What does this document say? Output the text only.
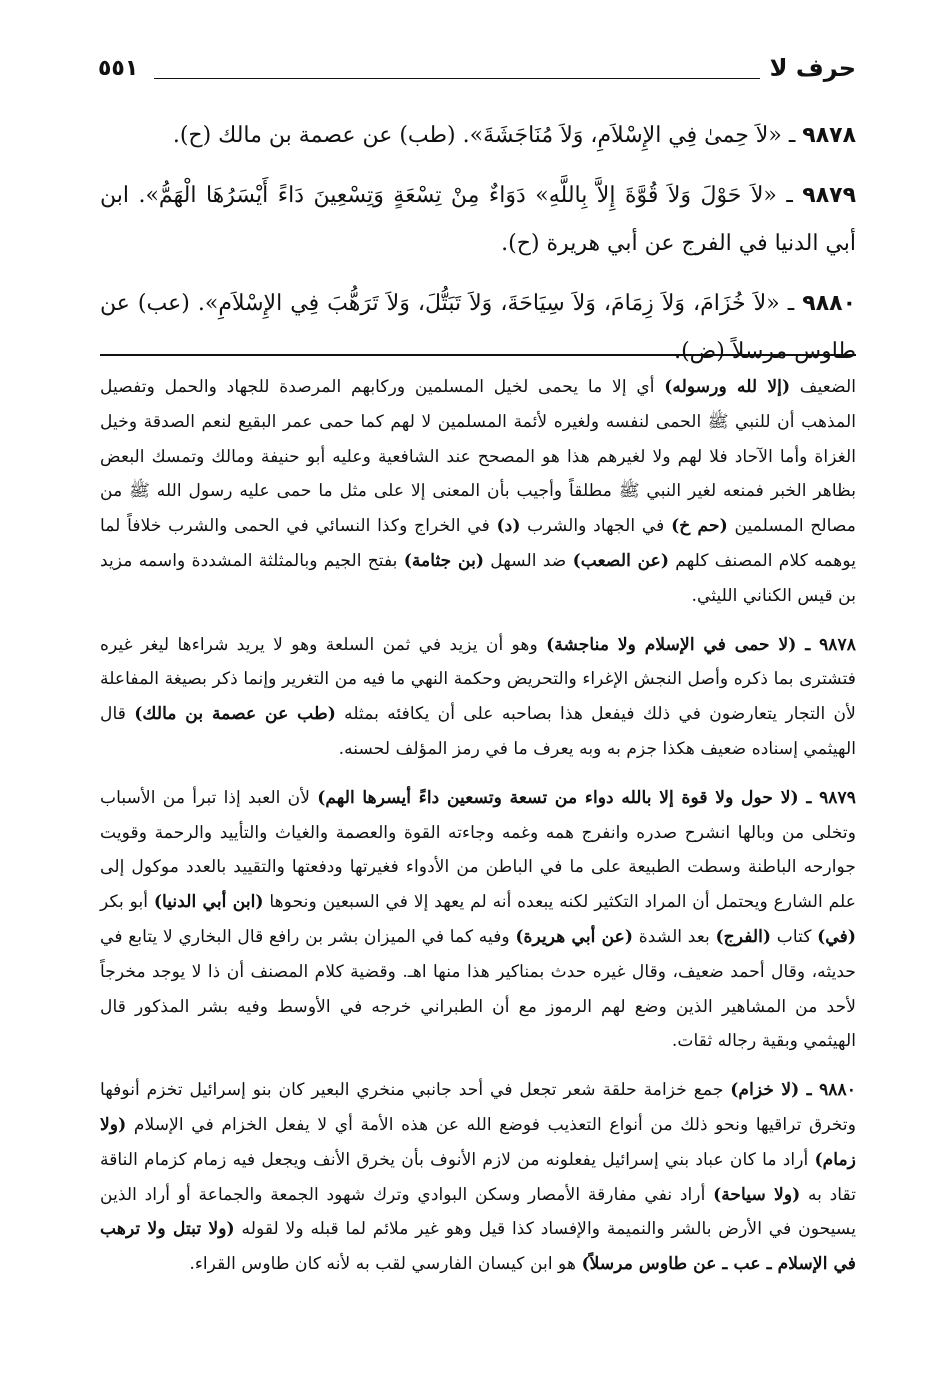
حرف لا
٥٥١

٩٨٧٨ ـ «لاَ حِمىٰ فِي الإِسْلاَمِ، وَلاَ مُنَاجَشَةَ». (طب) عن عصمة بن مالك (ح).

٩٨٧٩ ـ «لاَ حَوْلَ وَلاَ قُوَّةَ إِلاَّ بِاللَّهِ» دَوَاءٌ مِنْ تِسْعَةٍ وَتِسْعِينَ دَاءً أَيْسَرُهَا الْهَمُّ». ابن أبي الدنيا في الفرج عن أبي هريرة (ح).

٩٨٨٠ ـ «لاَ خُزَامَ، وَلاَ زِمَامَ، وَلاَ سِيَاحَةَ، وَلاَ تَبَتُّلَ، وَلاَ تَرَهُّبَ فِي الإِسْلاَمِ». (عب) عن طاوس مرسلاً (ض).

الضعيف (إلا لله ورسوله) أي إلا ما يحمى لخيل المسلمين وركابهم المرصدة للجهاد والحمل وتفصيل المذهب أن للنبي ﷺ الحمى لنفسه ولغيره لأئمة المسلمين لا لهم كما حمى عمر البقيع لنعم الصدقة وخيل الغزاة وأما الآحاد فلا لهم ولا لغيرهم هذا هو المصحح عند الشافعية وعليه أبو حنيفة ومالك وتمسك البعض بظاهر الخبر فمنعه لغير النبي ﷺ مطلقاً وأجيب بأن المعنى إلا على مثل ما حمى عليه رسول الله ﷺ من مصالح المسلمين (حم خ) في الجهاد والشرب (د) في الخراج وكذا النسائي في الحمى والشرب خلافاً لما يوهمه كلام المصنف كلهم (عن الصعب) ضد السهل (بن جثامة) بفتح الجيم وبالمثلثة المشددة واسمه مزيد بن قيس الكناني الليثي.

٩٨٧٨ ـ (لا حمى في الإسلام ولا مناجشة) وهو أن يزيد في ثمن السلعة وهو لا يريد شراءها ليغر غيره فتشترى بما ذكره وأصل النجش الإغراء والتحريض وحكمة النهي ما فيه من التغرير وإنما ذكر بصيغة المفاعلة لأن التجار يتعارضون في ذلك فيفعل هذا بصاحبه على أن يكافئه بمثله (طب عن عصمة بن مالك) قال الهيثمي إسناده ضعيف هكذا جزم به وبه يعرف ما في رمز المؤلف لحسنه.

٩٨٧٩ ـ (لا حول ولا قوة إلا بالله دواء من تسعة وتسعين داءً أيسرها الهم) لأن العبد إذا تبرأ من الأسباب وتخلى من وبالها انشرح صدره وانفرج همه وغمه وجاءته القوة والعصمة والغياث والتأييد والرحمة وقويت جوارحه الباطنة وسطت الطبيعة على ما في الباطن من الأدواء فغيرتها ودفعتها والتقييد بالعدد موكول إلى علم الشارع ويحتمل أن المراد التكثير لكنه يبعده أنه لم يعهد إلا في السبعين ونحوها (ابن أبي الدنيا) أبو بكر (في) كتاب (الفرج) بعد الشدة (عن أبي هريرة) وفيه كما في الميزان بشر بن رافع قال البخاري لا يتابع في حديثه، وقال أحمد ضعيف، وقال غيره حدث بمناكير هذا منها اهـ. وقضية كلام المصنف أن ذا لا يوجد مخرجاً لأحد من المشاهير الذين وضع لهم الرموز مع أن الطبراني خرجه في الأوسط وفيه بشر المذكور قال الهيثمي وبقية رجاله ثقات.

٩٨٨٠ ـ (لا خزام) جمع خزامة حلقة شعر تجعل في أحد جانبي منخري البعير كان بنو إسرائيل تخزم أنوفها وتخرق تراقيها ونحو ذلك من أنواع التعذيب فوضع الله عن هذه الأمة أي لا يفعل الخزام في الإسلام (ولا زمام) أراد ما كان عباد بني إسرائيل يفعلونه من لازم الأنوف بأن يخرق الأنف ويجعل فيه زمام كزمام الناقة تقاد به (ولا سياحة) أراد نفي مفارقة الأمصار وسكن البوادي وترك شهود الجمعة والجماعة أو أراد الذين يسيحون في الأرض بالشر والنميمة والإفساد كذا قيل وهو غير ملائم لما قبله ولا لقوله (ولا تبتل ولا ترهب في الإسلام ـ عب ـ عن طاوس مرسلاً) هو ابن كيسان الفارسي لقب به لأنه كان طاوس القراء.
